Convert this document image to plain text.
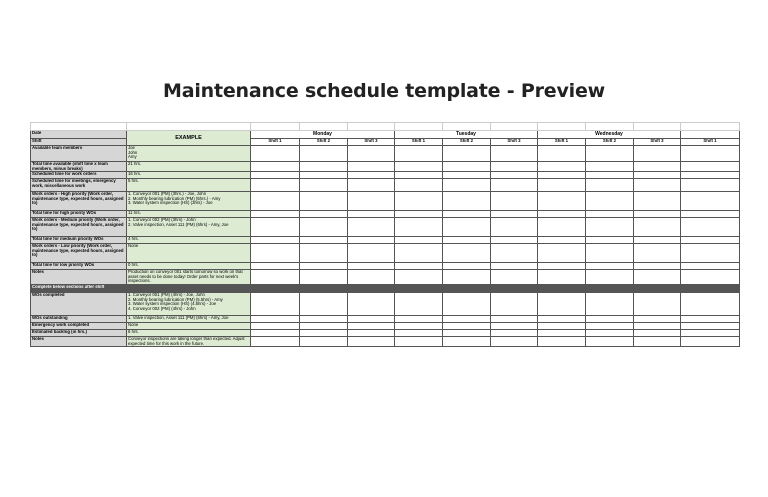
Maintenance schedule template - Preview

Date	EXAMPLE	Monday			Tuesday			Wednesday			
Shift		Shift 1	Shift 2	Shift 3	Shift 1	Shift 2	Shift 3	Shift 1	Shift 2	Shift 3	Shift 1
Available team members	Joe
John
Amy										
Total time available (shift time x team members, minus breaks)	21 hrs.										
Scheduled time for work orders	16 hrs.										
Scheduled time for meetings, emergency work, miscellaneous work	5 hrs.										
Work orders - High priority (Work order, maintenance type, expected hours, assigned to)	1. Conveyor 001 (PM) (3hrs.) - Joe, John
2. Monthly bearing lubrication (PM) (5hrs.) - Amy
3. Water system inspection (HS) (3hrs) - Joe										
Total time for high priority WOs	11 hrs.										
Work orders - Medium priority (Work order, maintenance type, expected hours, assigned to)	1. Conveyor 002 (PM) (3hrs) - John
2. Valve inspection, Asset 111 (PM) (6hrs) - Amy, Joe										
Total time for medium priority WOs	4 hrs.										
Work orders - Low priority (Work order, maintenance type, expected hours, assigned to)	None										
Total time for low priority WOs	0 hrs.										
Notes	Production on conveyor 001 starts tomorrow so work on that asset needs to be done today! Order parts for next week's inspections.										
Complete below sections after shift											
WOs completed	1. Conveyor 001 (PM) (4hrs) - Joe, John
2. Monthly bearing lubrication (PM) (5.5hrs) - Amy
3. Water system inspection (HS) (4.5hrs) - Joe
4. Conveyor 002 (PM) (4hrs) - John										
WOs outstanding	1. Valve inspection, Asset 111 (PM) (6hrs) - Amy, Joe										
Emergency work completed	None										
Estimated backlog (in hrs.)	6 hrs.										
Notes	Conveyor inspections are taking longer than expected. Adjust expected time for this work in the future.										
